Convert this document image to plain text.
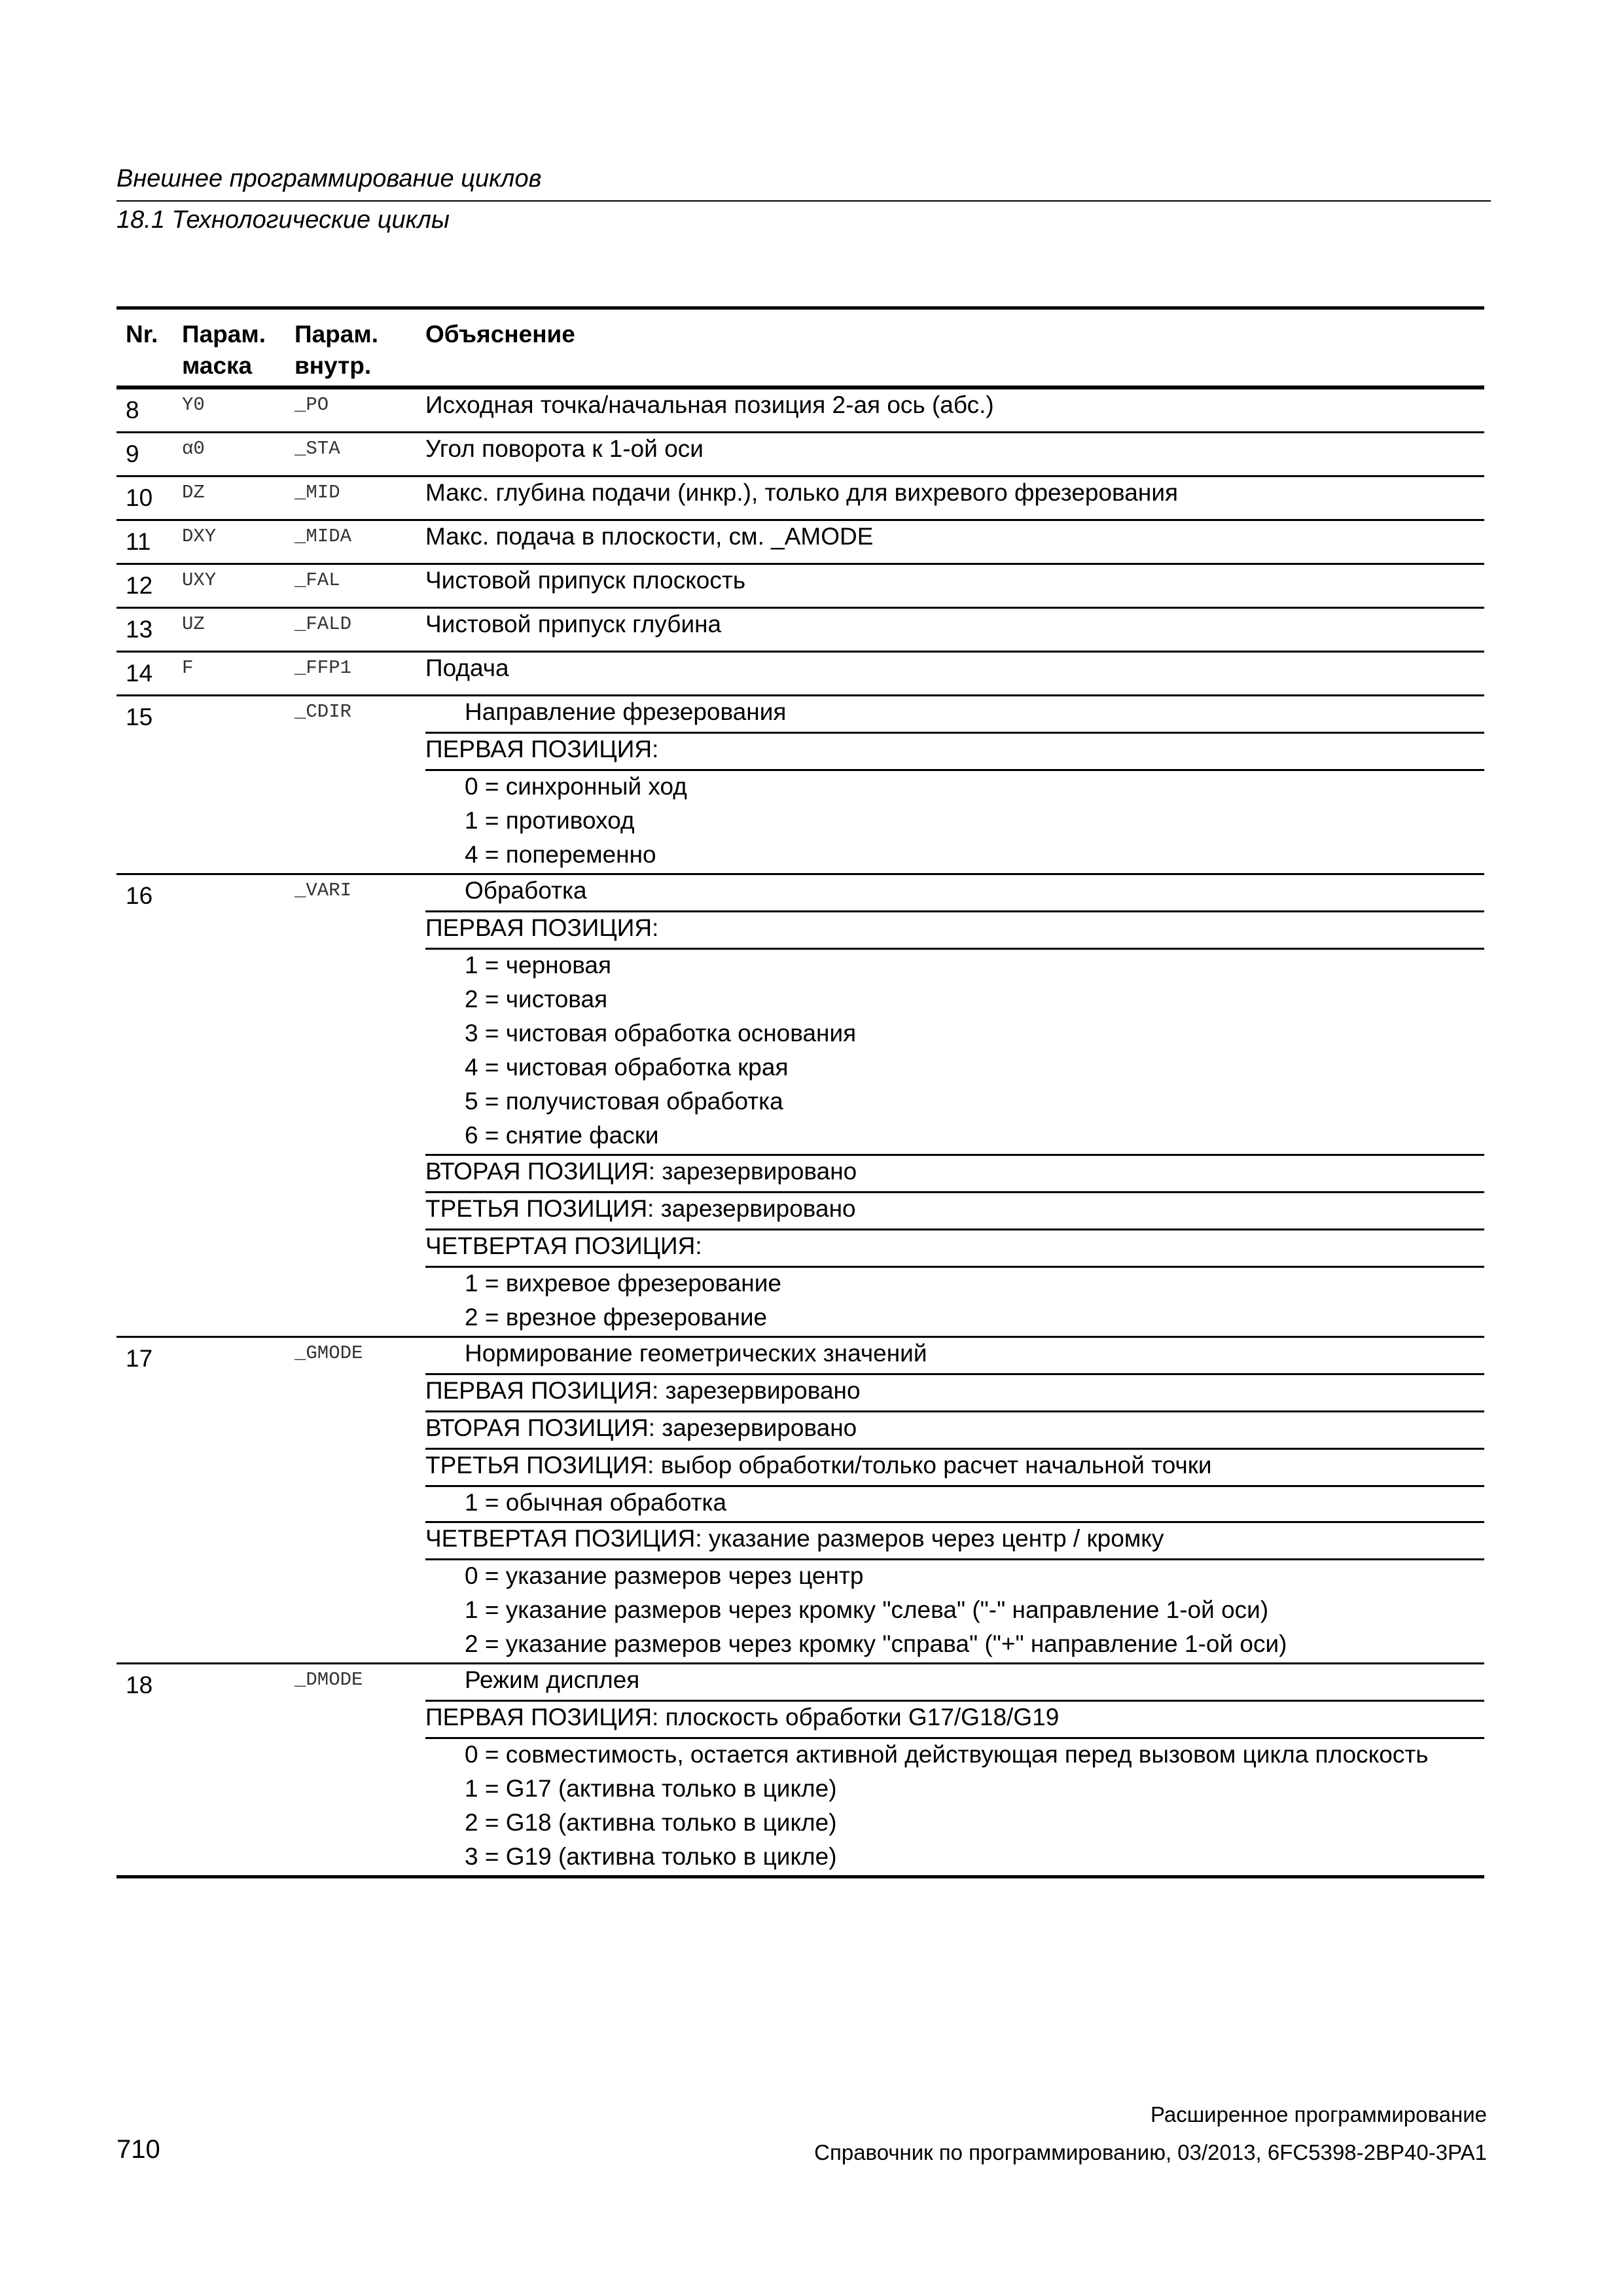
Внешнее программирование циклов
18.1 Технологические циклы
Nr.	Парам. маска	Парам. внутр.	Объяснение	
8	Y0	_PO	Исходная точка/начальная позиция 2-ая ось (абс.)	
9	α0	_STA	Угол поворота к 1-ой оси	
10	DZ	_MID	Макс. глубина подачи (инкр.), только для вихревого фрезерования	
11	DXY	_MIDA	Макс. подача в плоскости, см. _AMODE	
12	UXY	_FAL	Чистовой припуск плоскость	
13	UZ	_FALD	Чистовой припуск глубина	
14	F	_FFP1	Подача	
15		_CDIR		Направление фрезерования
			ПЕРВАЯ ПОЗИЦИЯ:	
				0 = синхронный ход
				1 = противоход
				4 = попеременно
16		_VARI		Обработка
			ПЕРВАЯ ПОЗИЦИЯ:	
				1 = черновая
				2 = чистовая
				3 = чистовая обработка основания
				4 = чистовая обработка края
				5 = получистовая обработка
				6 = снятие фаски
			ВТОРАЯ ПОЗИЦИЯ: зарезервировано	
			ТРЕТЬЯ ПОЗИЦИЯ: зарезервировано	
			ЧЕТВЕРТАЯ ПОЗИЦИЯ:	
				1 = вихревое фрезерование
				2 = врезное фрезерование
17		_GMODE		Нормирование геометрических значений
			ПЕРВАЯ ПОЗИЦИЯ: зарезервировано	
			ВТОРАЯ ПОЗИЦИЯ: зарезервировано	
			ТРЕТЬЯ ПОЗИЦИЯ: выбор обработки/только расчет начальной точки	
				1 = обычная обработка
			ЧЕТВЕРТАЯ ПОЗИЦИЯ: указание размеров через центр / кромку	
				0 = указание размеров через центр
				1 = указание размеров через кромку "слева" ("-" направление 1-ой оси)
				2 = указание размеров через кромку "справа" ("+" направление 1-ой оси)
18		_DMODE		Режим дисплея
			ПЕРВАЯ ПОЗИЦИЯ: плоскость обработки G17/G18/G19	
				0 = совместимость, остается активной действующая перед вызовом цикла плоскость
				1 = G17 (активна только в цикле)
				2 = G18 (активна только в цикле)
				3 = G19 (активна только в цикле)
Расширенное программирование
710	Справочник по программированию, 03/2013, 6FC5398-2BP40-3PA1
